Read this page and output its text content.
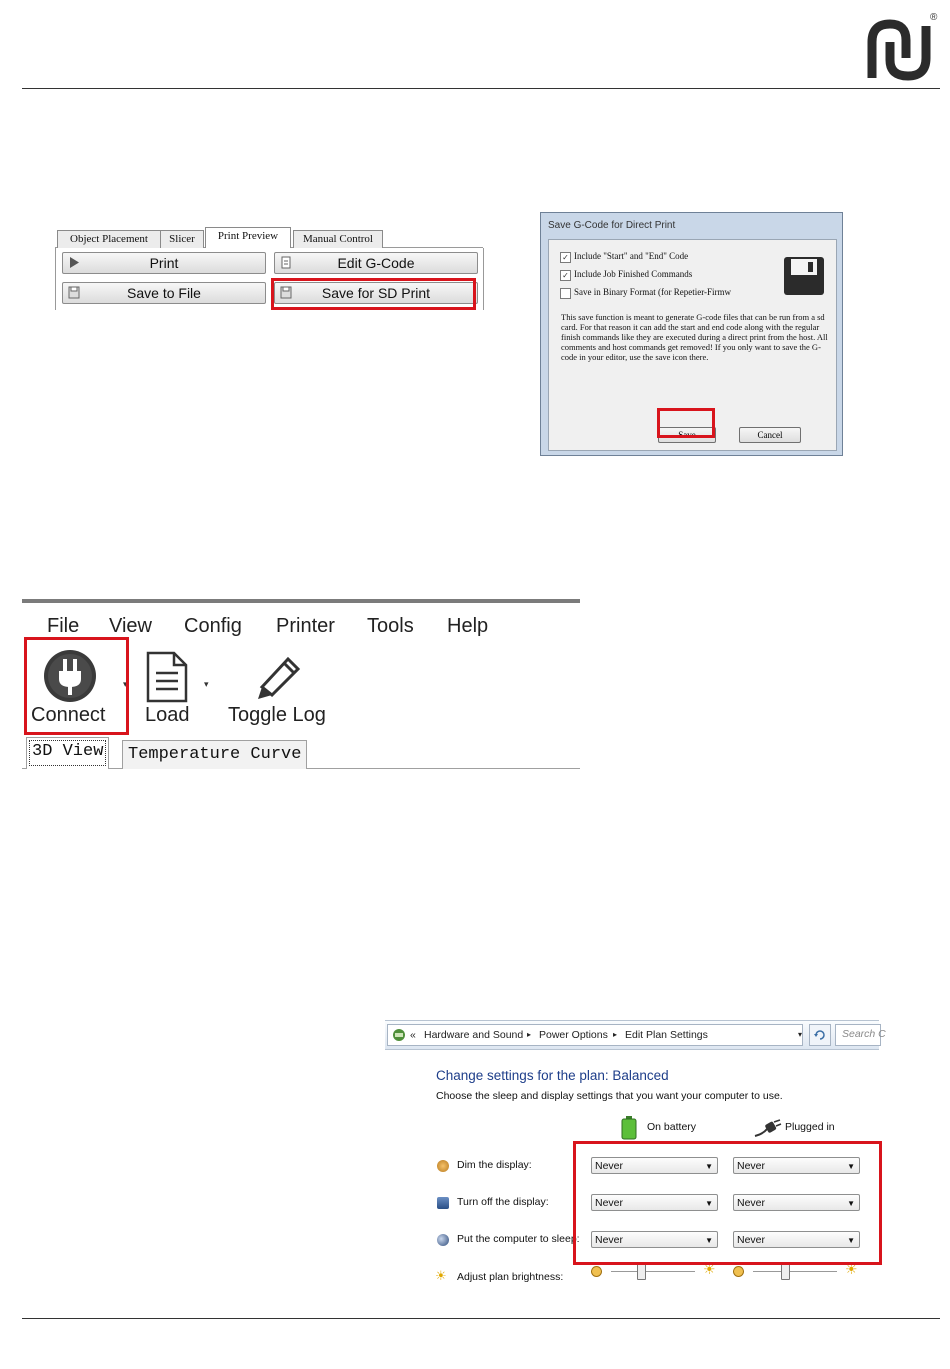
®
Object Placement	Slicer	Print Preview	Manual Control
Print	Edit G-Code
Save to File	Save for SD Print
Save G-Code for Direct Print
✓ Include "Start" and "End" Code
✓ Include Job Finished Commands
Save in Binary Format (for Repetier-Firmw
This save function is meant to generate G-code files that can be run from a sd card. For that reason it can add the start and end code along with the regular finish commands like they are executed during a direct print from the host. All comments and host commands get removed! If you only want to save the G-code in your editor, use the save icon there.
Save	Cancel
File View Config Printer Tools Help
Connect
▾
Load
▾
Toggle Log
3D View	Temperature Curve
« Hardware and Sound ▸ Power Options ▸ Edit Plan Settings	▾	Search C
Change settings for the plan: Balanced
Choose the sleep and display settings that you want your computer to use.
On battery	Plugged in
Dim the display:	Never	▼	Never	▼
Turn off the display:	Never	▼	Never	▼
Put the computer to sleep:	Never	▼	Never	▼
☀ Adjust plan brightness:	☀	☀
